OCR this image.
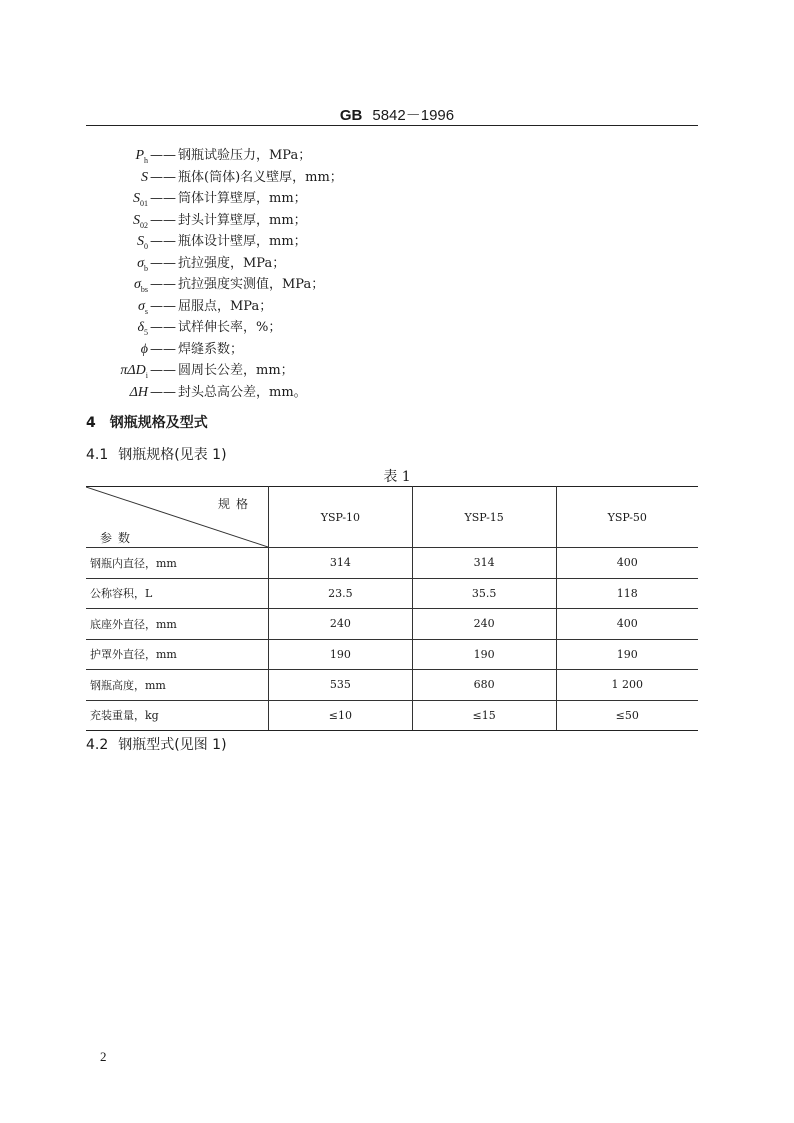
GB 5842－1996
$P_h$ —— 钢瓶试验压力，MPa；
S —— 瓶体(筒体)名义壁厚，mm；
$S_{01}$ —— 筒体计算壁厚，mm；
$S_{02}$ —— 封头计算壁厚，mm；
$S_0$ —— 瓶体设计壁厚，mm；
$\sigma_b$ —— 抗拉强度，MPa；
$\sigma_{bs}$ —— 抗拉强度实测值，MPa；
$\sigma_s$ —— 屈服点，MPa；
$\delta_5$ —— 试样伸长率，%；
ϕ —— 焊缝系数；
πΔD$_i$ —— 圆周长公差，mm；
ΔH —— 封头总高公差，mm。
4　钢瓶规格及型式
4.1 钢瓶规格(见表 1)
表 1
规格
参数	YSP-10	YSP-15	YSP-50
钢瓶内直径，mm	314	314	400
公称容积，L	23.5	35.5	118
底座外直径，mm	240	240	400
护罩外直径，mm	190	190	190
钢瓶高度，mm	535	680	1 200
充装重量，kg	≤10	≤15	≤50
4.2 钢瓶型式(见图 1)
2
